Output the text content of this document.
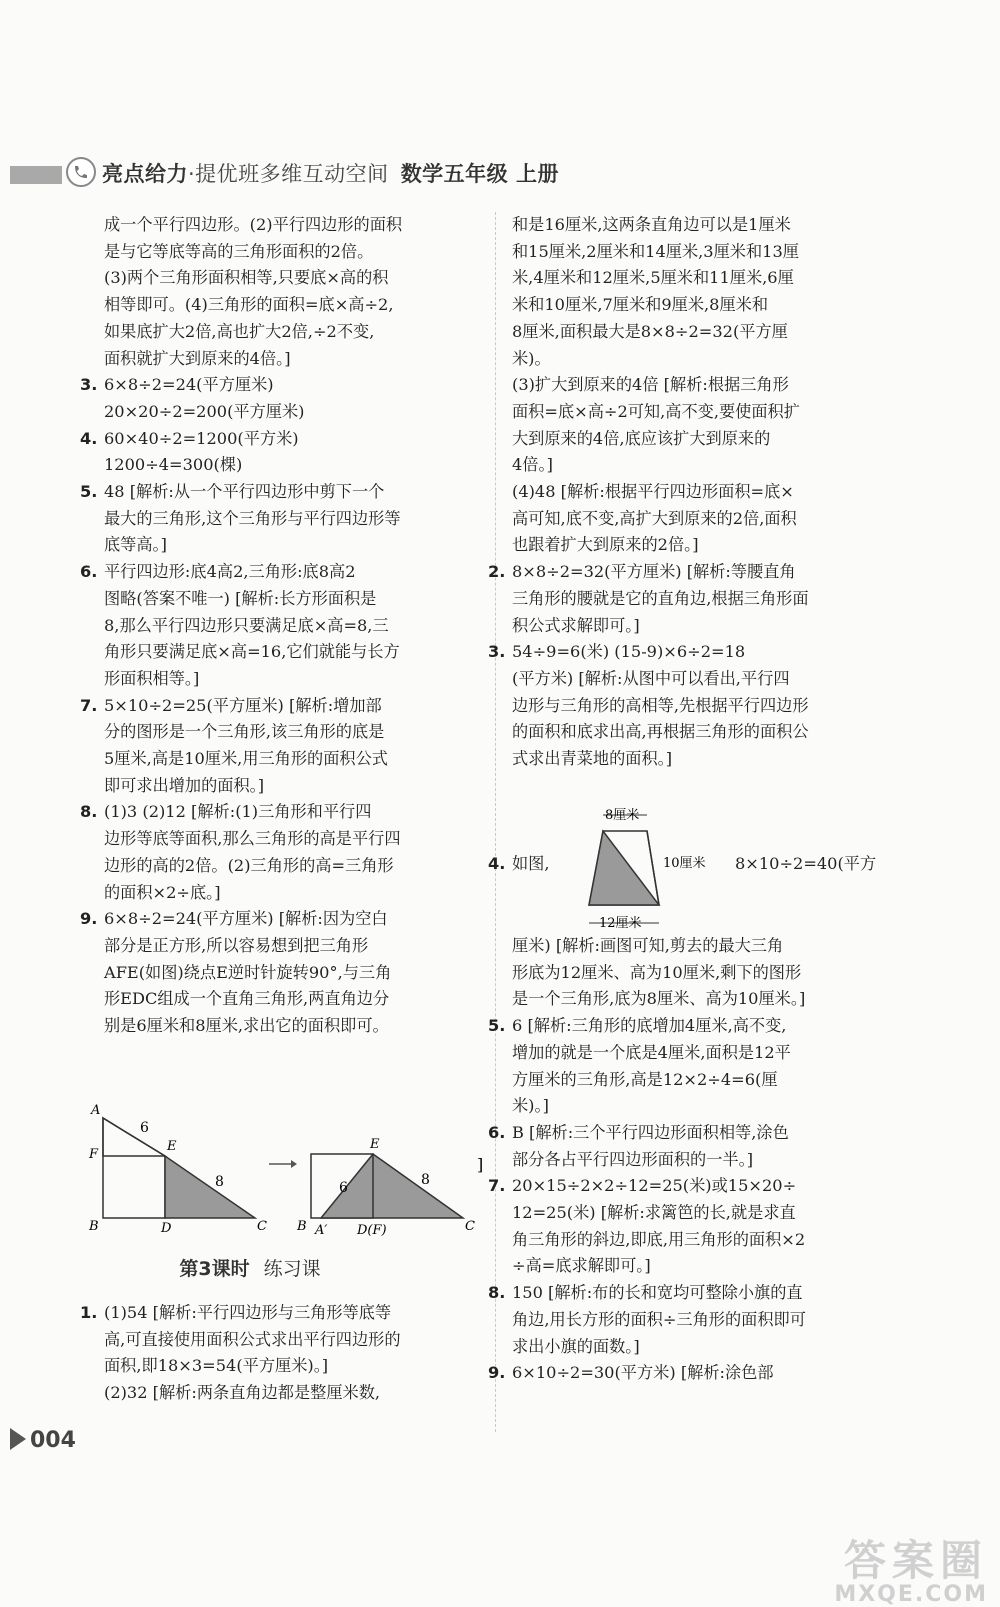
亮点给力·提优班多维互动空间 数学五年级 上册
成一个平行四边形。(2)平行四边形的面积
是与它等底等高的三角形面积的2倍。
(3)两个三角形面积相等,只要底×高的积
相等即可。(4)三角形的面积=底×高÷2,
如果底扩大2倍,高也扩大2倍,÷2不变,
面积就扩大到原来的4倍。]
3. 6×8÷2=24(平方厘米)
20×20÷2=200(平方厘米)
4. 60×40÷2=1200(平方米)
1200÷4=300(棵)
5. 48 [解析:从一个平行四边形中剪下一个
最大的三角形,这个三角形与平行四边形等
底等高。]
6. 平行四边形:底4高2,三角形:底8高2
图略(答案不唯一) [解析:长方形面积是
8,那么平行四边形只要满足底×高=8,三
角形只要满足底×高=16,它们就能与长方
形面积相等。]
7. 5×10÷2=25(平方厘米) [解析:增加部
分的图形是一个三角形,该三角形的底是
5厘米,高是10厘米,用三角形的面积公式
即可求出增加的面积。]
8. (1)3 (2)12 [解析:(1)三角形和平行四
边形等底等面积,那么三角形的高是平行四
边形的高的2倍。(2)三角形的高=三角形
的面积×2÷底。]
9. 6×8÷2=24(平方厘米) [解析:因为空白
部分是正方形,所以容易想到把三角形
AFE(如图)绕点E逆时针旋转90°,与三角
形EDC组成一个直角三角形,两直角边分
别是6厘米和8厘米,求出它的面积即可。
A
F
E
B	D	C
6
8
E
B A′ D(F)	C
6	8
]
第3课时 练习课
1. (1)54 [解析:平行四边形与三角形等底等
高,可直接使用面积公式求出平行四边形的
面积,即18×3=54(平方厘米)。]
(2)32 [解析:两条直角边都是整厘米数,
和是16厘米,这两条直角边可以是1厘米
和15厘米,2厘米和14厘米,3厘米和13厘
米,4厘米和12厘米,5厘米和11厘米,6厘
米和10厘米,7厘米和9厘米,8厘米和
8厘米,面积最大是8×8÷2=32(平方厘
米)。
(3)扩大到原来的4倍 [解析:根据三角形
面积=底×高÷2可知,高不变,要使面积扩
大到原来的4倍,底应该扩大到原来的
4倍。]
(4)48 [解析:根据平行四边形面积=底×
高可知,底不变,高扩大到原来的2倍,面积
也跟着扩大到原来的2倍。]
2. 8×8÷2=32(平方厘米) [解析:等腰直角
三角形的腰就是它的直角边,根据三角形面
积公式求解即可。]
3. 54÷9=6(米) (15-9)×6÷2=18
(平方米) [解析:从图中可以看出,平行四
边形与三角形的高相等,先根据平行四边形
的面积和底求出高,再根据三角形的面积公
式求出青菜地的面积。]
4. 如图,
8厘米
10厘米
12厘米
8×10÷2=40(平方
厘米) [解析:画图可知,剪去的最大三角
形底为12厘米、高为10厘米,剩下的图形
是一个三角形,底为8厘米、高为10厘米。]
5. 6 [解析:三角形的底增加4厘米,高不变,
增加的就是一个底是4厘米,面积是12平
方厘米的三角形,高是12×2÷4=6(厘
米)。]
6. B [解析:三个平行四边形面积相等,涂色
部分各占平行四边形面积的一半。]
7. 20×15÷2×2÷12=25(米)或15×20÷
12=25(米) [解析:求篱笆的长,就是求直
角三角形的斜边,即底,用三角形的面积×2
÷高=底求解即可。]
8. 150 [解析:布的长和宽均可整除小旗的直
角边,用长方形的面积÷三角形的面积即可
求出小旗的面数。]
9. 6×10÷2=30(平方米) [解析:涂色部
004
答案圈
MXQE.COM
